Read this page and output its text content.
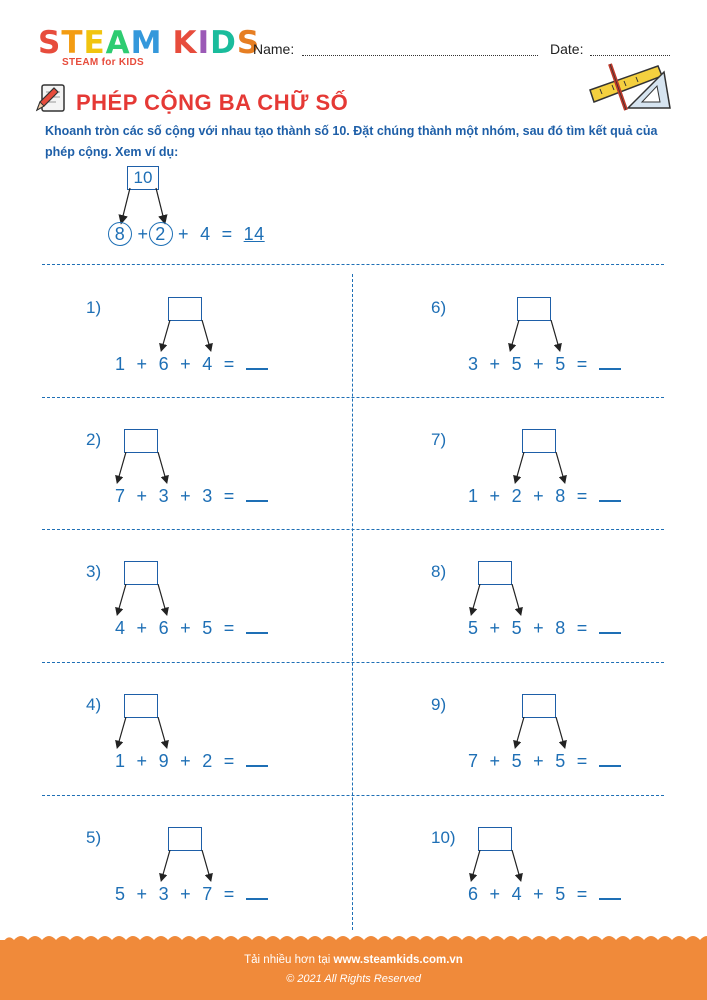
STEAM KIDS
STEAM for KIDS
Name:	Date:
PHÉP CỘNG BA CHỮ SỐ
Khoanh tròn các số cộng với nhau tạo thành số 10. Đặt chúng thành một nhóm, sau đó tìm kết quả của phép cộng. Xem ví dụ:
10
8 + 2 + 4 = 14
1)
1 + 6 + 4 =
2)
7 + 3 + 3 =
3)
4 + 6 + 5 =
4)
1 + 9 + 2 =
5)
5 + 3 + 7 =
6)
3 + 5 + 5 =
7)
1 + 2 + 8 =
8)
5 + 5 + 8 =
9)
7 + 5 + 5 =
10)
6 + 4 + 5 =
Tải nhiều hơn tại www.steamkids.com.vn
© 2021 All Rights Reserved
